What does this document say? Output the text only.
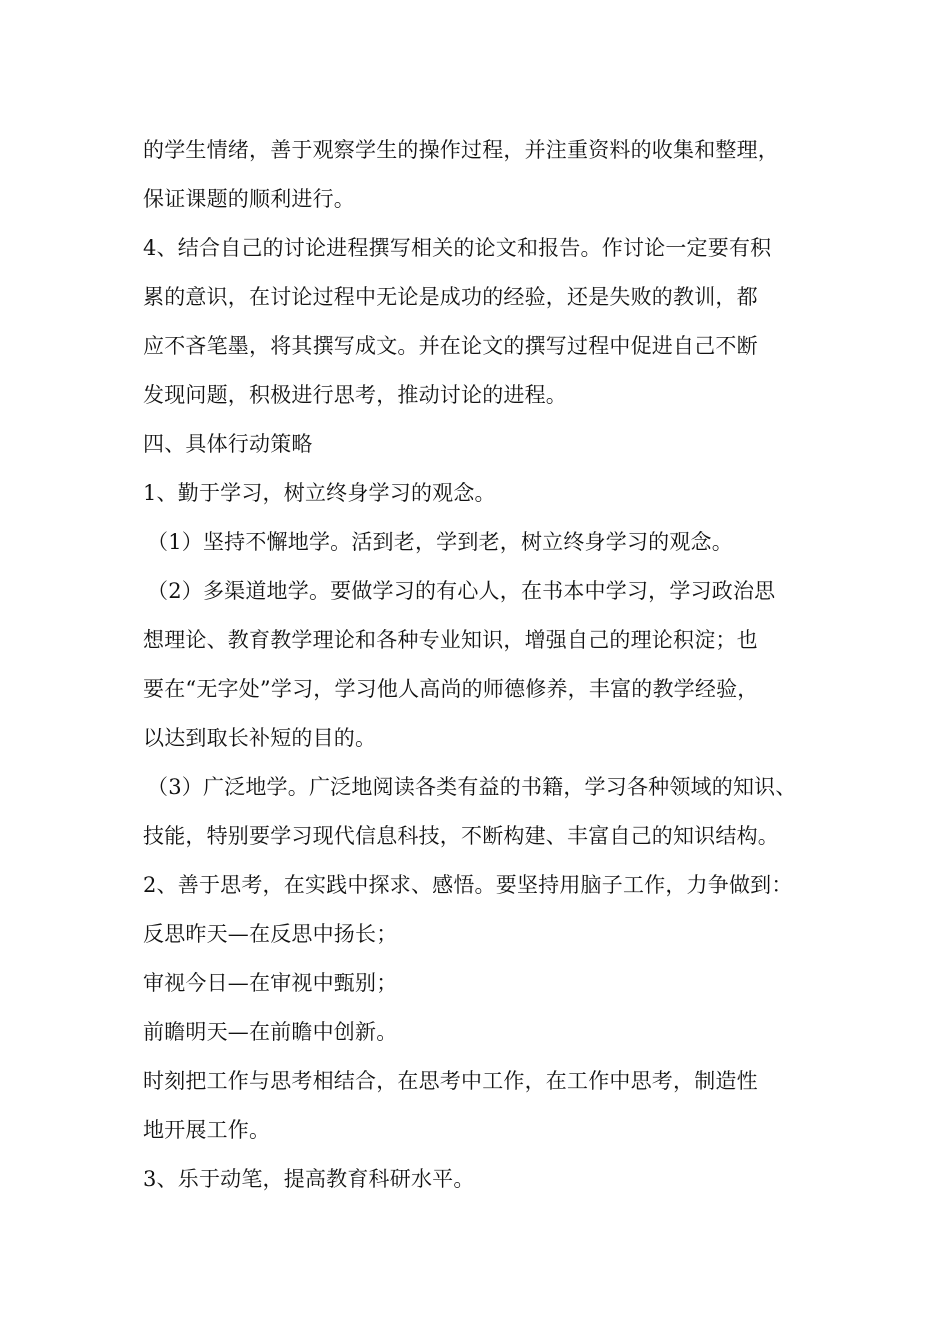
的学生情绪，善于观察学生的操作过程，并注重资料的收集和整理，
保证课题的顺利进行。

4、结合自己的讨论进程撰写相关的论文和报告。作讨论一定要有积
累的意识，在讨论过程中无论是成功的经验，还是失败的教训，都
应不吝笔墨，将其撰写成文。并在论文的撰写过程中促进自己不断
发现问题，积极进行思考，推动讨论的进程。

四、具体行动策略

1、勤于学习，树立终身学习的观念。

（1）坚持不懈地学。活到老，学到老，树立终身学习的观念。

（2）多渠道地学。要做学习的有心人，在书本中学习，学习政治思
想理论、教育教学理论和各种专业知识，增强自己的理论积淀；也
要在“无字处”学习，学习他人高尚的师德修养，丰富的教学经验，
以达到取长补短的目的。

（3）广泛地学。广泛地阅读各类有益的书籍，学习各种领域的知识、
技能，特别要学习现代信息科技，不断构建、丰富自己的知识结构。

2、善于思考，在实践中探求、感悟。要坚持用脑子工作，力争做到：

反思昨天—在反思中扬长；

审视今日—在审视中甄别；

前瞻明天—在前瞻中创新。

时刻把工作与思考相结合，在思考中工作，在工作中思考，制造性
地开展工作。

3、乐于动笔，提高教育科研水平。
